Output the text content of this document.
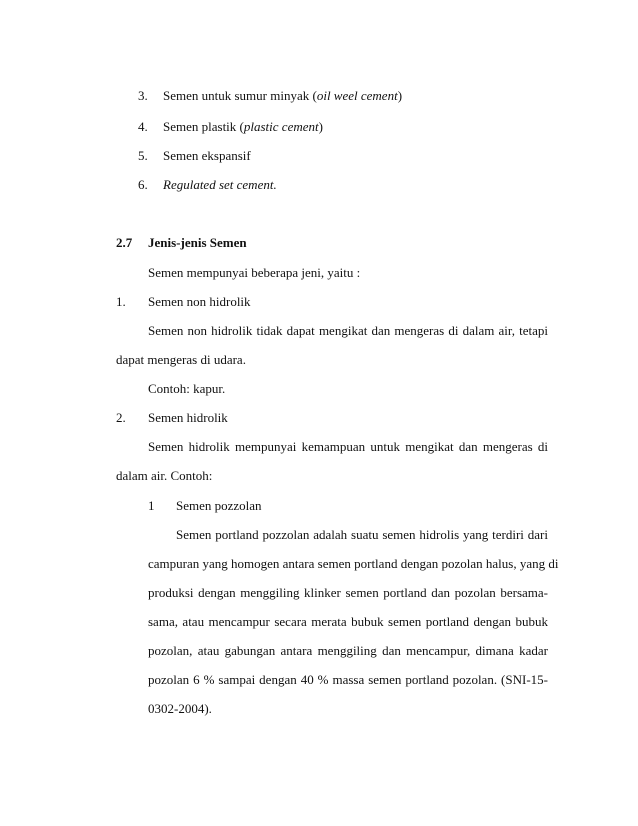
3. Semen untuk sumur minyak (oil weel cement)
4. Semen plastik (plastic cement)
5. Semen ekspansif
6. Regulated set cement.
2.7 Jenis-jenis Semen
Semen mempunyai beberapa jeni, yaitu :
1. Semen non hidrolik
Semen non hidrolik tidak dapat mengikat dan mengeras di dalam air, tetapi
dapat mengeras di udara.
Contoh: kapur.
2. Semen hidrolik
Semen hidrolik mempunyai kemampuan untuk mengikat dan mengeras di
dalam air. Contoh:
1 Semen pozzolan
Semen portland pozzolan adalah suatu semen hidrolis yang terdiri dari
campuran yang homogen antara semen portland dengan pozolan halus, yang di
produksi dengan menggiling klinker semen portland dan pozolan bersama-
sama, atau mencampur secara merata bubuk semen portland dengan bubuk
pozolan, atau gabungan antara menggiling dan mencampur, dimana kadar
pozolan 6 % sampai dengan 40 % massa semen portland pozolan. (SNI-15-
0302-2004).
